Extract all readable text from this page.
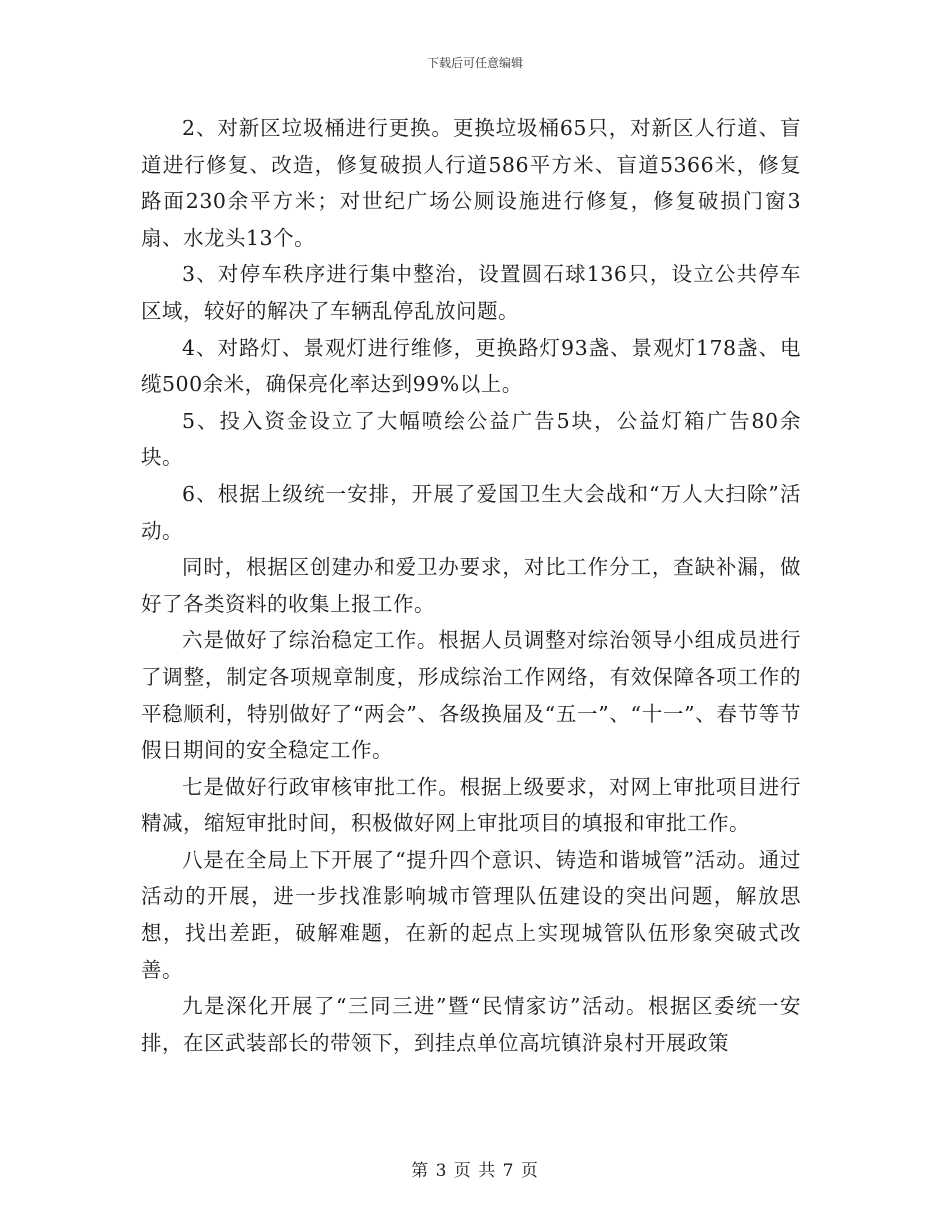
下载后可任意编辑

2、对新区垃圾桶进行更换。更换垃圾桶65只，对新区人行道、盲道进行修复、改造，修复破损人行道586平方米、盲道5366米，修复路面230余平方米；对世纪广场公厕设施进行修复，修复破损门窗3扇、水龙头13个。

3、对停车秩序进行集中整治，设置圆石球136只，设立公共停车区域，较好的解决了车辆乱停乱放问题。

4、对路灯、景观灯进行维修，更换路灯93盏、景观灯178盏、电缆500余米，确保亮化率达到99%以上。

5、投入资金设立了大幅喷绘公益广告5块，公益灯箱广告80余块。

6、根据上级统一安排，开展了爱国卫生大会战和“万人大扫除”活动。

同时，根据区创建办和爱卫办要求，对比工作分工，查缺补漏，做好了各类资料的收集上报工作。

六是做好了综治稳定工作。根据人员调整对综治领导小组成员进行了调整，制定各项规章制度，形成综治工作网络，有效保障各项工作的平稳顺利，特别做好了“两会”、各级换届及“五一”、“十一”、春节等节假日期间的安全稳定工作。

七是做好行政审核审批工作。根据上级要求，对网上审批项目进行精减，缩短审批时间，积极做好网上审批项目的填报和审批工作。

八是在全局上下开展了“提升四个意识、铸造和谐城管”活动。通过活动的开展，进一步找准影响城市管理队伍建设的突出问题，解放思想，找出差距，破解难题，在新的起点上实现城管队伍形象突破式改善。

九是深化开展了“三同三进”暨“民情家访”活动。根据区委统一安排，在区武装部长的带领下，到挂点单位高坑镇浒泉村开展政策

第 3 页 共 7 页
